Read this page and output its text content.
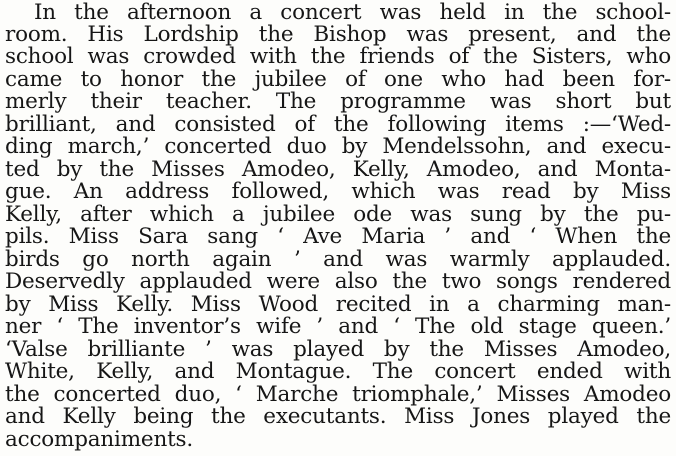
In the afternoon a concert was held in the school-

room. His Lordship the Bishop was present, and the

school was crowded with the friends of the Sisters, who

came to honor the jubilee of one who had been for-

merly their teacher. The programme was short but

brilliant, and consisted of the following items :—‘Wed-

ding march,’ concerted duo by Mendelssohn, and execu-

ted by the Misses Amodeo, Kelly, Amodeo, and Monta-

gue. An address followed, which was read by Miss

Kelly, after which a jubilee ode was sung by the pu-

pils. Miss Sara sang ‘ Ave Maria ’ and ‘ When the

birds go north again ’ and was warmly applauded.

Deservedly applauded were also the two songs rendered

by Miss Kelly. Miss Wood recited in a charming man-

ner ‘ The inventor’s wife ’ and ‘ The old stage queen.’

‘Valse brilliante ’ was played by the Misses Amodeo,

White, Kelly, and Montague. The concert ended with

the concerted duo, ‘ Marche triomphale,’ Misses Amodeo

and Kelly being the executants. Miss Jones played the

accompaniments.
